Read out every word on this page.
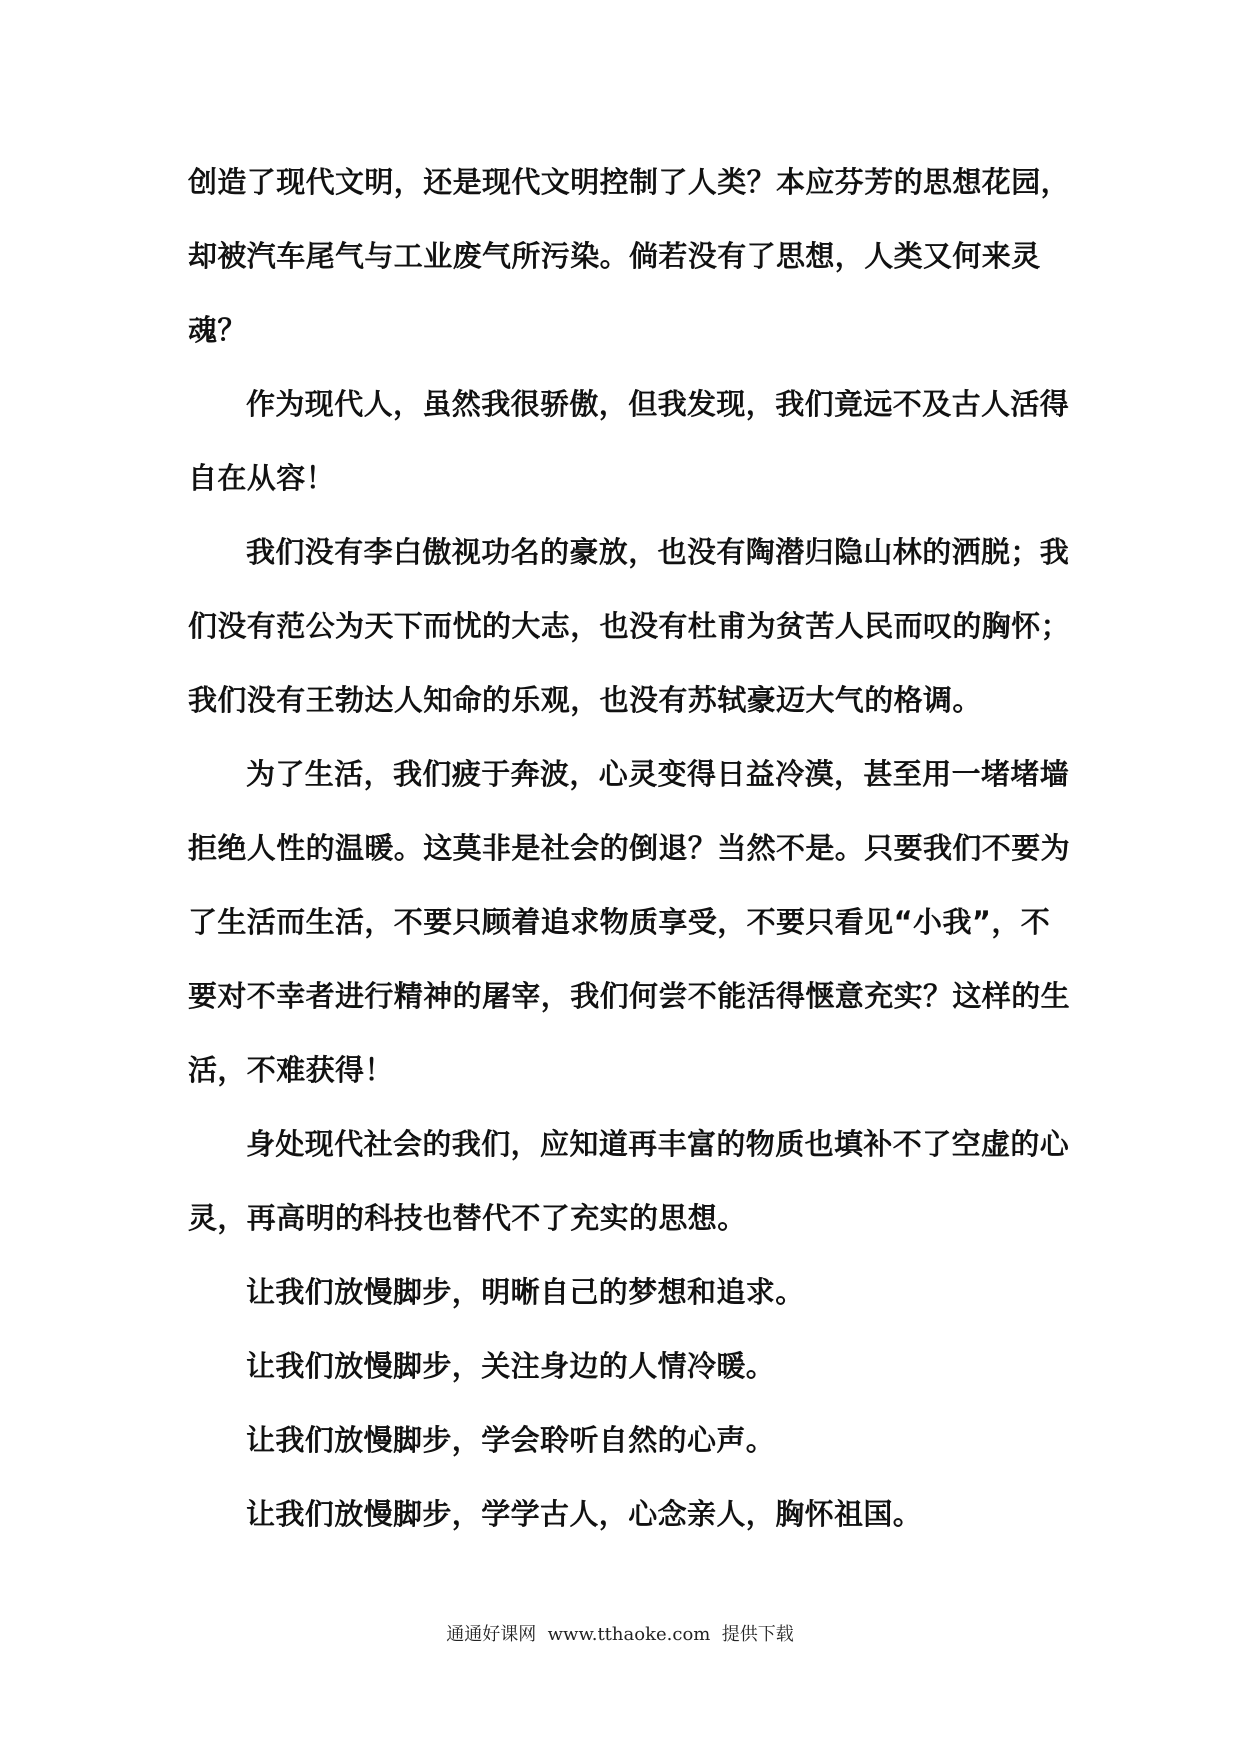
创造了现代文明，还是现代文明控制了人类？本应芬芳的思想花园，
却被汽车尾气与工业废气所污染。倘若没有了思想，人类又何来灵
魂？
作为现代人，虽然我很骄傲，但我发现，我们竟远不及古人活得
自在从容！
我们没有李白傲视功名的豪放，也没有陶潜归隐山林的洒脱；我
们没有范公为天下而忧的大志，也没有杜甫为贫苦人民而叹的胸怀；
我们没有王勃达人知命的乐观，也没有苏轼豪迈大气的格调。
为了生活，我们疲于奔波，心灵变得日益冷漠，甚至用一堵堵墙
拒绝人性的温暖。这莫非是社会的倒退？当然不是。只要我们不要为
了生活而生活，不要只顾着追求物质享受，不要只看见“小我”，不
要对不幸者进行精神的屠宰，我们何尝不能活得惬意充实？这样的生
活，不难获得！
身处现代社会的我们，应知道再丰富的物质也填补不了空虚的心
灵，再高明的科技也替代不了充实的思想。
让我们放慢脚步，明晰自己的梦想和追求。
让我们放慢脚步，关注身边的人情冷暖。
让我们放慢脚步，学会聆听自然的心声。
让我们放慢脚步，学学古人，心念亲人，胸怀祖国。
通通好课网  www.tthaoke.com  提供下载
